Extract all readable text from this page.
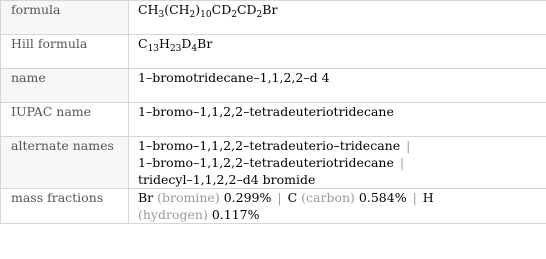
formula	$CH_3(CH_2)_{10}CD_2CD_2Br$
Hill formula	$C_{13}H_{23}D_4Br$
name	1–bromotridecane–1,1,2,2–d 4
IUPAC name	1–bromo–1,1,2,2–tetradeuteriotridecane
alternate names	1–bromo–1,1,2,2–tetradeuterio–tridecane |
1–bromo–1,1,2,2–tetradeuteriotridecane |
tridecyl–1,1,2,2–d4 bromide
mass fractions	Br (bromine) 0.299% | C (carbon) 0.584% | H
(hydrogen) 0.117%
